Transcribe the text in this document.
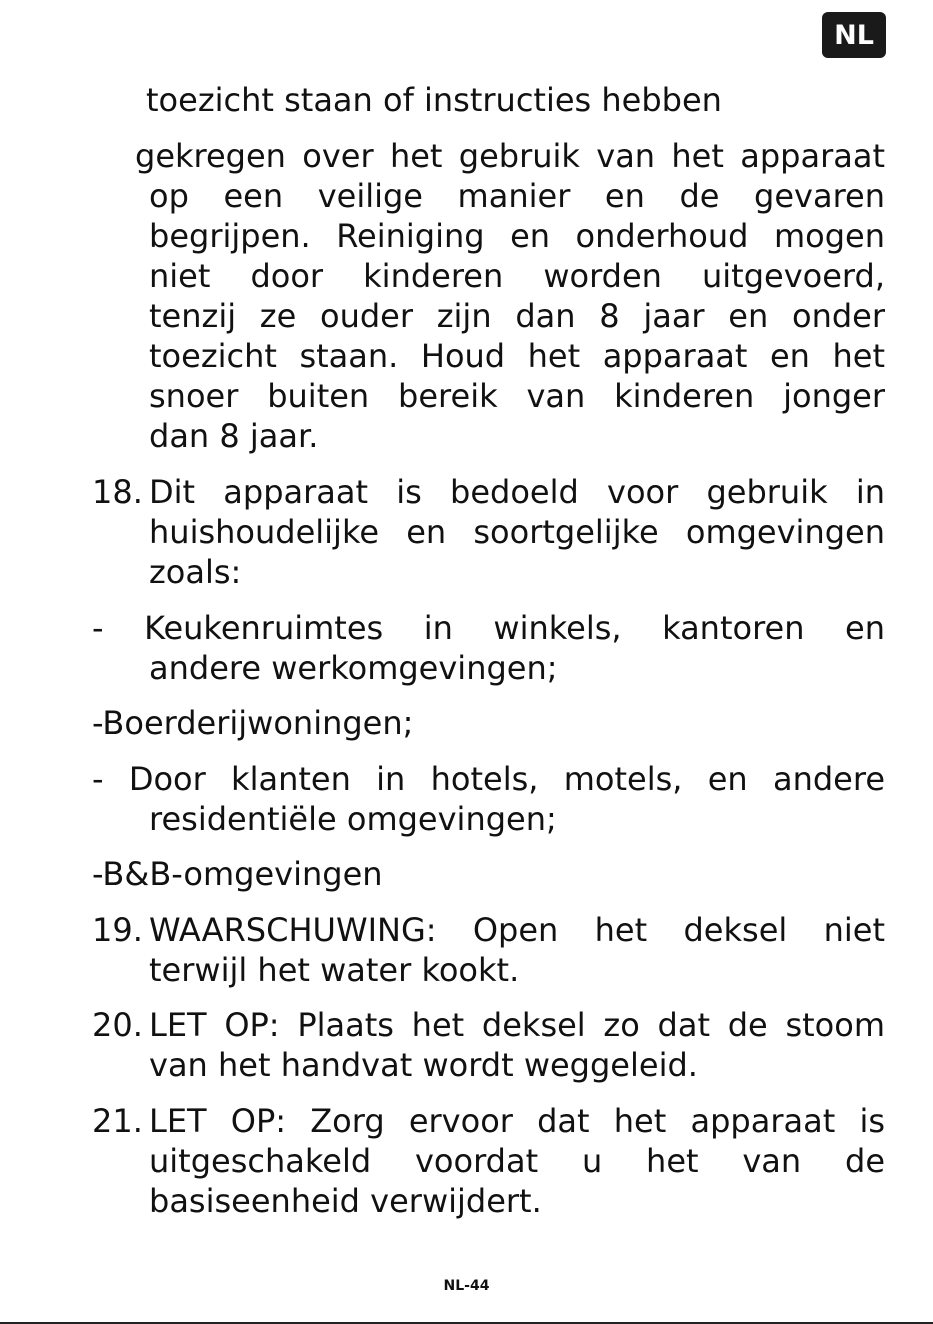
NL
toezicht staan of instructies hebben
gekregen over het gebruik van het apparaat
op een veilige manier en de gevaren
begrijpen. Reiniging en onderhoud mogen
niet door kinderen worden uitgevoerd,
tenzij ze ouder zijn dan 8 jaar en onder
toezicht staan. Houd het apparaat en het
snoer buiten bereik van kinderen jonger
dan 8 jaar.
18. Dit apparaat is bedoeld voor gebruik in
huishoudelijke en soortgelijke omgevingen
zoals:
- Keukenruimtes in winkels, kantoren en
andere werkomgevingen;
-Boerderijwoningen;
- Door klanten in hotels, motels, en andere
residentiële omgevingen;
-B&B-omgevingen
19. WAARSCHUWING: Open het deksel niet
terwijl het water kookt.
20. LET OP: Plaats het deksel zo dat de stoom
van het handvat wordt weggeleid.
21. LET OP: Zorg ervoor dat het apparaat is
uitgeschakeld voordat u het van de
basiseenheid verwijdert.
NL-44
